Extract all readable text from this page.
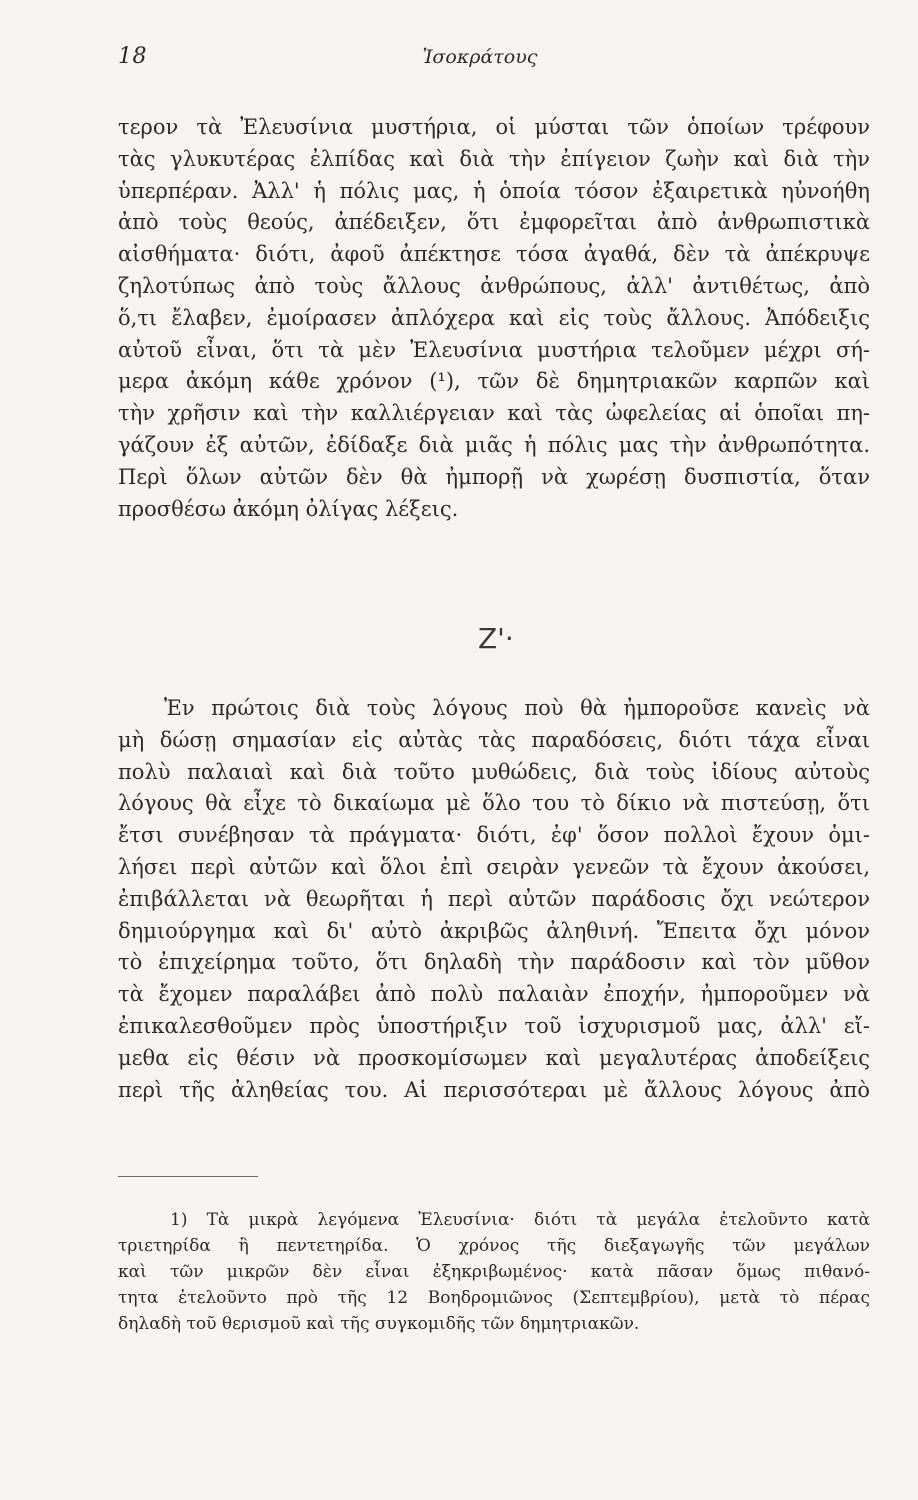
18	Ἰσοκράτους
τερον τὰ Ἐλευσίνια μυστήρια, οἱ μύσται τῶν ὁποίων τρέφουν
τὰς γλυκυτέρας ἐλπίδας καὶ διὰ τὴν ἐπίγειον ζωὴν καὶ διὰ τὴν
ὑπερπέραν. Ἀλλ' ἡ πόλις μας, ἡ ὁποία τόσον ἐξαιρετικὰ ηὐνοήθη
ἀπὸ τοὺς θεούς, ἀπέδειξεν, ὅτι ἐμφορεῖται ἀπὸ ἀνθρωπιστικὰ
αἰσθήματα· διότι, ἀφοῦ ἀπέκτησε τόσα ἀγαθά, δὲν τὰ ἀπέκρυψε
ζηλοτύπως ἀπὸ τοὺς ἄλλους ἀνθρώπους, ἀλλ' ἀντιθέτως, ἀπὸ
ὅ,τι ἔλαβεν, ἐμοίρασεν ἀπλόχερα καὶ εἰς τοὺς ἄλλους. Ἀπόδειξις
αὐτοῦ εἶναι, ὅτι τὰ μὲν Ἐλευσίνια μυστήρια τελοῦμεν μέχρι σή-
μερα ἀκόμη κάθε χρόνον (¹), τῶν δὲ δημητριακῶν καρπῶν καὶ
τὴν χρῆσιν καὶ τὴν καλλιέργειαν καὶ τὰς ὠφελείας αἱ ὁποῖαι πη-
γάζουν ἐξ αὐτῶν, ἐδίδαξε διὰ μιᾶς ἡ πόλις μας τὴν ἀνθρωπότητα.
Περὶ ὅλων αὐτῶν δὲν θὰ ἠμπορῇ νὰ χωρέσῃ δυσπιστία, ὅταν
προσθέσω ἀκόμη ὀλίγας λέξεις.
Ζ'·
Ἐν πρώτοις διὰ τοὺς λόγους ποὺ θὰ ἠμποροῦσε κανεὶς νὰ
μὴ δώσῃ σημασίαν εἰς αὐτὰς τὰς παραδόσεις, διότι τάχα εἶναι
πολὺ παλαιαὶ καὶ διὰ τοῦτο μυθώδεις, διὰ τοὺς ἰδίους αὐτοὺς
λόγους θὰ εἶχε τὸ δικαίωμα μὲ ὅλο του τὸ δίκιο νὰ πιστεύσῃ, ὅτι
ἔτσι συνέβησαν τὰ πράγματα· διότι, ἐφ' ὅσον πολλοὶ ἔχουν ὁμι-
λήσει περὶ αὐτῶν καὶ ὅλοι ἐπὶ σειρὰν γενεῶν τὰ ἔχουν ἀκούσει,
ἐπιβάλλεται νὰ θεωρῆται ἡ περὶ αὐτῶν παράδοσις ὄχι νεώτερον
δημιούργημα καὶ δι' αὐτὸ ἀκριβῶς ἀληθινή. Ἔπειτα ὄχι μόνον
τὸ ἐπιχείρημα τοῦτο, ὅτι δηλαδὴ τὴν παράδοσιν καὶ τὸν μῦθον
τὰ ἔχομεν παραλάβει ἀπὸ πολὺ παλαιὰν ἐποχήν, ἠμποροῦμεν νὰ
ἐπικαλεσθοῦμεν πρὸς ὑποστήριξιν τοῦ ἰσχυρισμοῦ μας, ἀλλ' εἴ-
μεθα εἰς θέσιν νὰ προσκομίσωμεν καὶ μεγαλυτέρας ἀποδείξεις
περὶ τῆς ἀληθείας του. Αἱ περισσότεραι μὲ ἄλλους λόγους ἀπὸ
1) Τὰ μικρὰ λεγόμενα Ἐλευσίνια· διότι τὰ μεγάλα ἐτελοῦντο κατὰ
τριετηρίδα ἢ πεντετηρίδα. Ὁ χρόνος τῆς διεξαγωγῆς τῶν μεγάλων
καὶ τῶν μικρῶν δὲν εἶναι ἐξηκριβωμένος· κατὰ πᾶσαν ὅμως πιθανό-
τητα ἐτελοῦντο πρὸ τῆς 12 Βοηδρομιῶνος (Σεπτεμβρίου), μετὰ τὸ πέρας
δηλαδὴ τοῦ θερισμοῦ καὶ τῆς συγκομιδῆς τῶν δημητριακῶν.
